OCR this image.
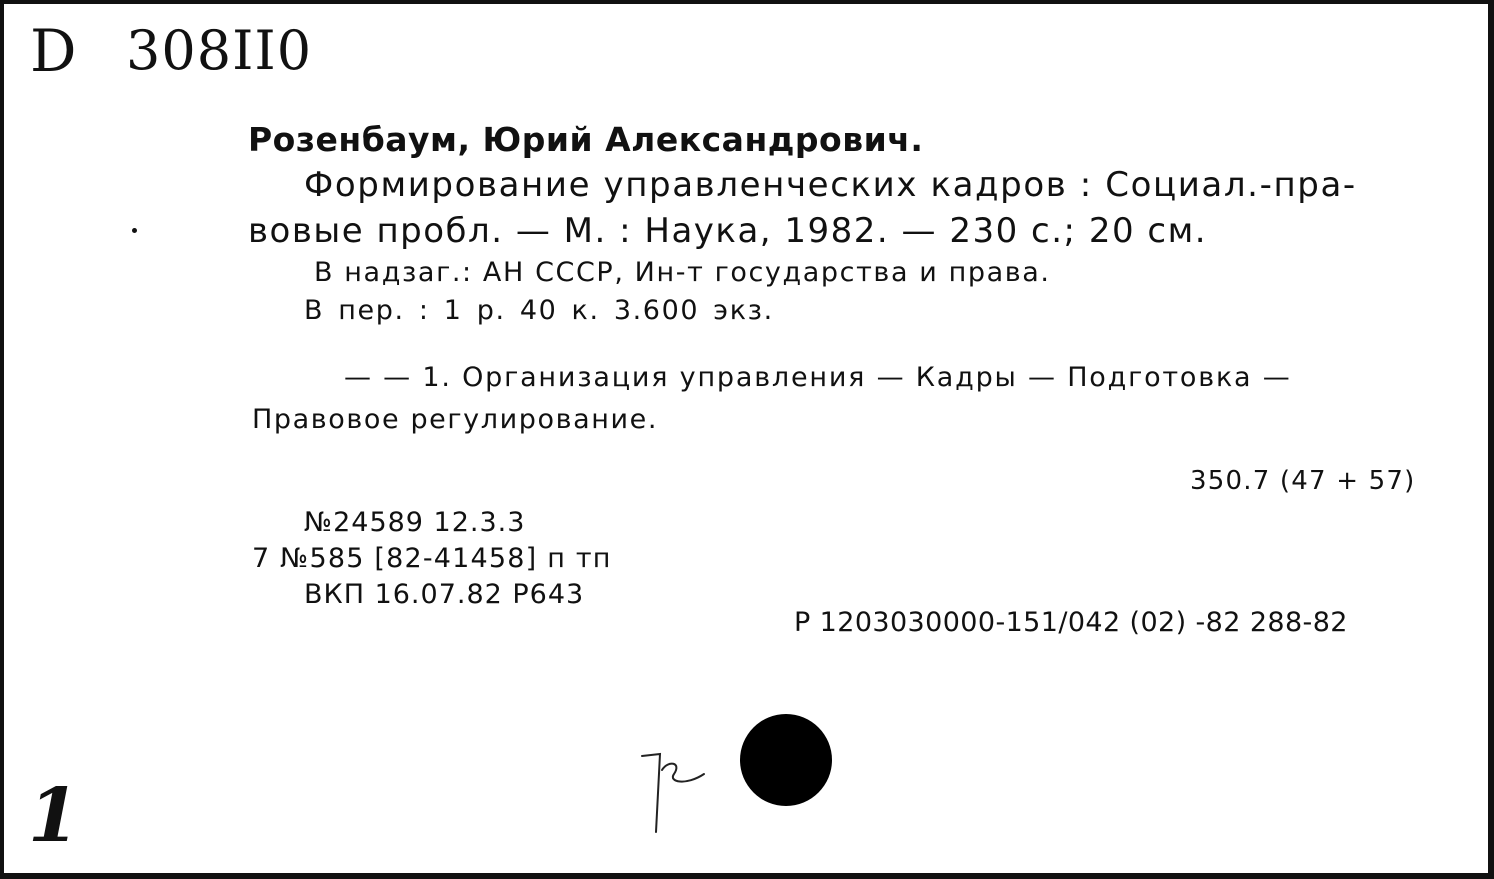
D 308II0
Розенбаум, Юрий Александрович.
Формирование управленческих кадров : Социал.-пра-
вовые пробл. — М. : Наука, 1982. — 230 с.; 20 см.
В надзаг.: АН СССР, Ин-т государства и права.
В пер. : 1 р. 40 к. 3.600 экз.
— — 1. Организация управления — Кадры — Подготовка —
Правовое регулирование.
350.7 (47 + 57)
№24589 12.3.3
7 №585 [82-41458] п тп
ВКП 16.07.82 Р643
Р 1203030000-151/042 (02) -82 288-82
1
